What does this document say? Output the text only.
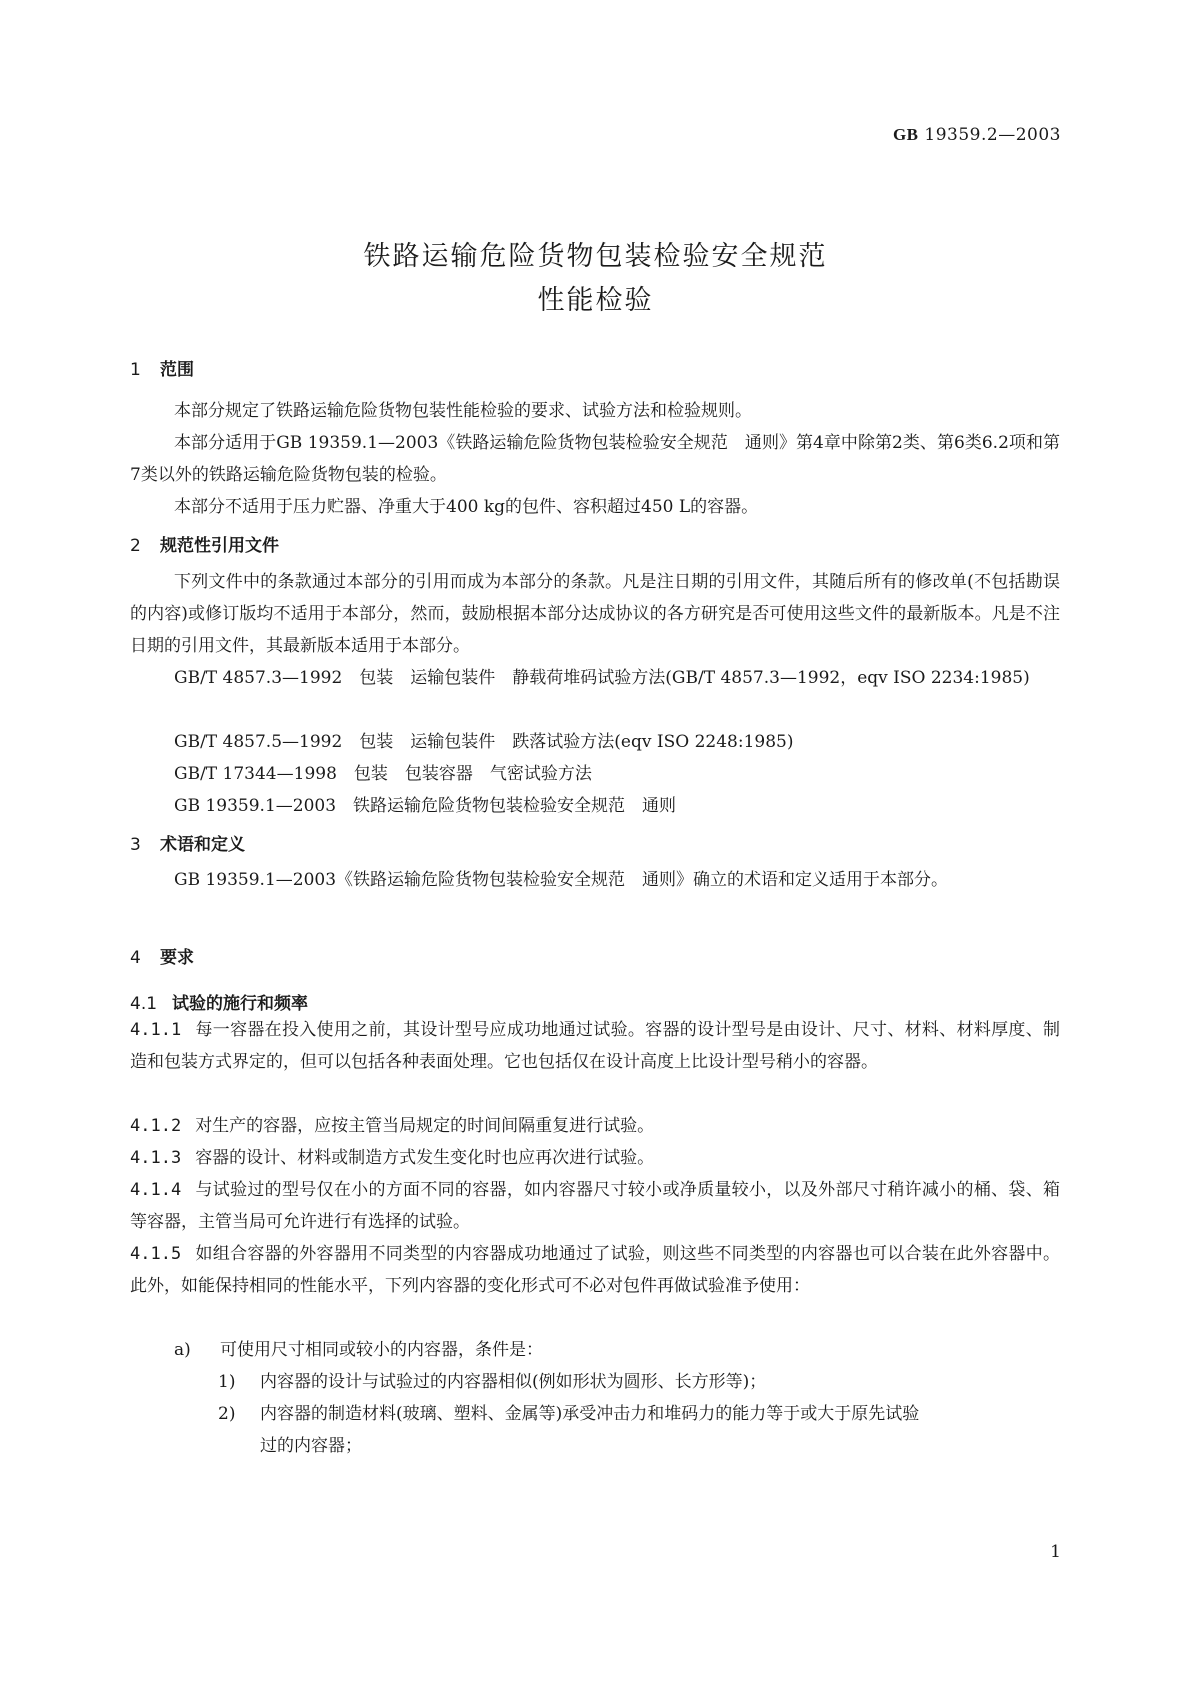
GB 19359.2—2003
铁路运输危险货物包装检验安全规范
性能检验
1 范围
本部分规定了铁路运输危险货物包装性能检验的要求、试验方法和检验规则。
本部分适用于GB 19359.1—2003《铁路运输危险货物包装检验安全规范　通则》第4章中除第2类、第6类6.2项和第7类以外的铁路运输危险货物包装的检验。
本部分不适用于压力贮器、净重大于400 kg的包件、容积超过450 L的容器。
2 规范性引用文件
下列文件中的条款通过本部分的引用而成为本部分的条款。凡是注日期的引用文件，其随后所有的修改单(不包括勘误的内容)或修订版均不适用于本部分，然而，鼓励根据本部分达成协议的各方研究是否可使用这些文件的最新版本。凡是不注日期的引用文件，其最新版本适用于本部分。
GB/T 4857.3—1992　包装　运输包装件　静载荷堆码试验方法(GB/T 4857.3—1992，eqv ISO 2234:1985)
GB/T 4857.5—1992　包装　运输包装件　跌落试验方法(eqv ISO 2248:1985)
GB/T 17344—1998　包装　包装容器　气密试验方法
GB 19359.1—2003　铁路运输危险货物包装检验安全规范　通则
3 术语和定义
GB 19359.1—2003《铁路运输危险货物包装检验安全规范　通则》确立的术语和定义适用于本部分。
4 要求
4.1 试验的施行和频率
4.1.1 每一容器在投入使用之前，其设计型号应成功地通过试验。容器的设计型号是由设计、尺寸、材料、材料厚度、制造和包装方式界定的，但可以包括各种表面处理。它也包括仅在设计高度上比设计型号稍小的容器。
4.1.2 对生产的容器，应按主管当局规定的时间间隔重复进行试验。
4.1.3 容器的设计、材料或制造方式发生变化时也应再次进行试验。
4.1.4 与试验过的型号仅在小的方面不同的容器，如内容器尺寸较小或净质量较小，以及外部尺寸稍许减小的桶、袋、箱等容器，主管当局可允许进行有选择的试验。
4.1.5 如组合容器的外容器用不同类型的内容器成功地通过了试验，则这些不同类型的内容器也可以合装在此外容器中。此外，如能保持相同的性能水平，下列内容器的变化形式可不必对包件再做试验准予使用：
a) 可使用尺寸相同或较小的内容器，条件是：
1) 内容器的设计与试验过的内容器相似(例如形状为圆形、长方形等)；
2) 内容器的制造材料(玻璃、塑料、金属等)承受冲击力和堆码力的能力等于或大于原先试验
过的内容器；
1
